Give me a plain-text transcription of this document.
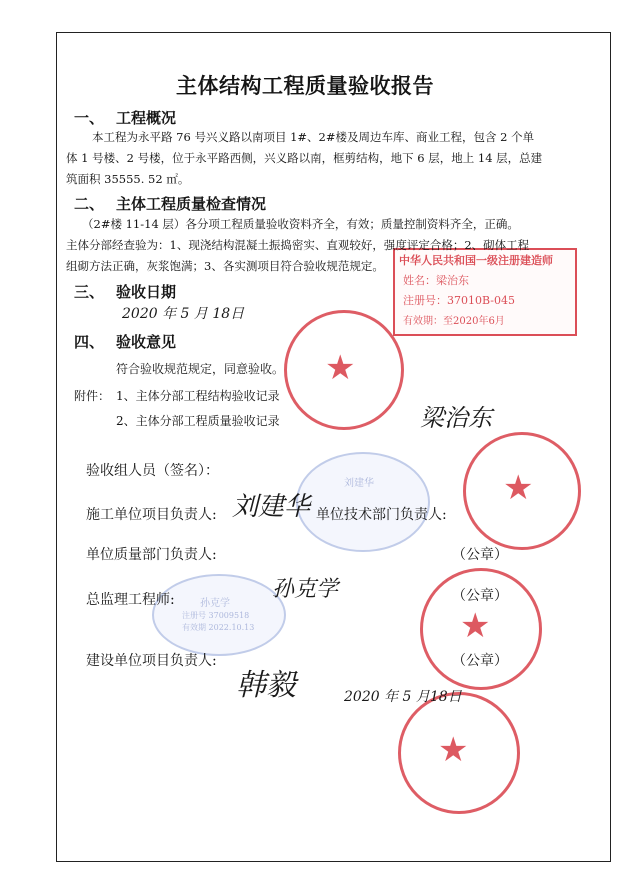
★
★
★
★
中华人民共和国一级注册建造师
姓名：梁治东
注册号：37010B-045
有效期：至2020年6月
刘建华
孙克学
注册号 37009518
有效期 2022.10.13
主体结构工程质量验收报告
一、 工程概况
本工程为永平路 76 号兴义路以南项目 1#、2#楼及周边车库、商业工程，包含 2 个单
体 1 号楼、2 号楼，位于永平路西侧，兴义路以南，框剪结构，地下 6 层，地上 14 层，总建
筑面积 35555. 52 ㎡。
二、 主体工程质量检查情况
（2#楼 11-14 层）各分项工程质量验收资料齐全，有效；质量控制资料齐全，正确。
主体分部经查验为：1、现浇结构混凝土振捣密实、直观较好，强度评定合格；2、砌体工程
组砌方法正确，灰浆饱满；3、各实测项目符合验收规范规定。
三、 验收日期
2020 年 5 月 18日
四、 验收意见
符合验收规范规定，同意验收。
附件： 1、主体分部工程结构验收记录
2、主体分部工程质量验收记录	梁治东
验收组人员（签名）：
施工单位项目负责人: 刘建华 单位技术部门负责人:
单位质量部门负责人:	（公章）
总监理工程师:	孙克学	（公章）
建设单位项目负责人:	（公章）
韩毅	2020 年 5 月18日
